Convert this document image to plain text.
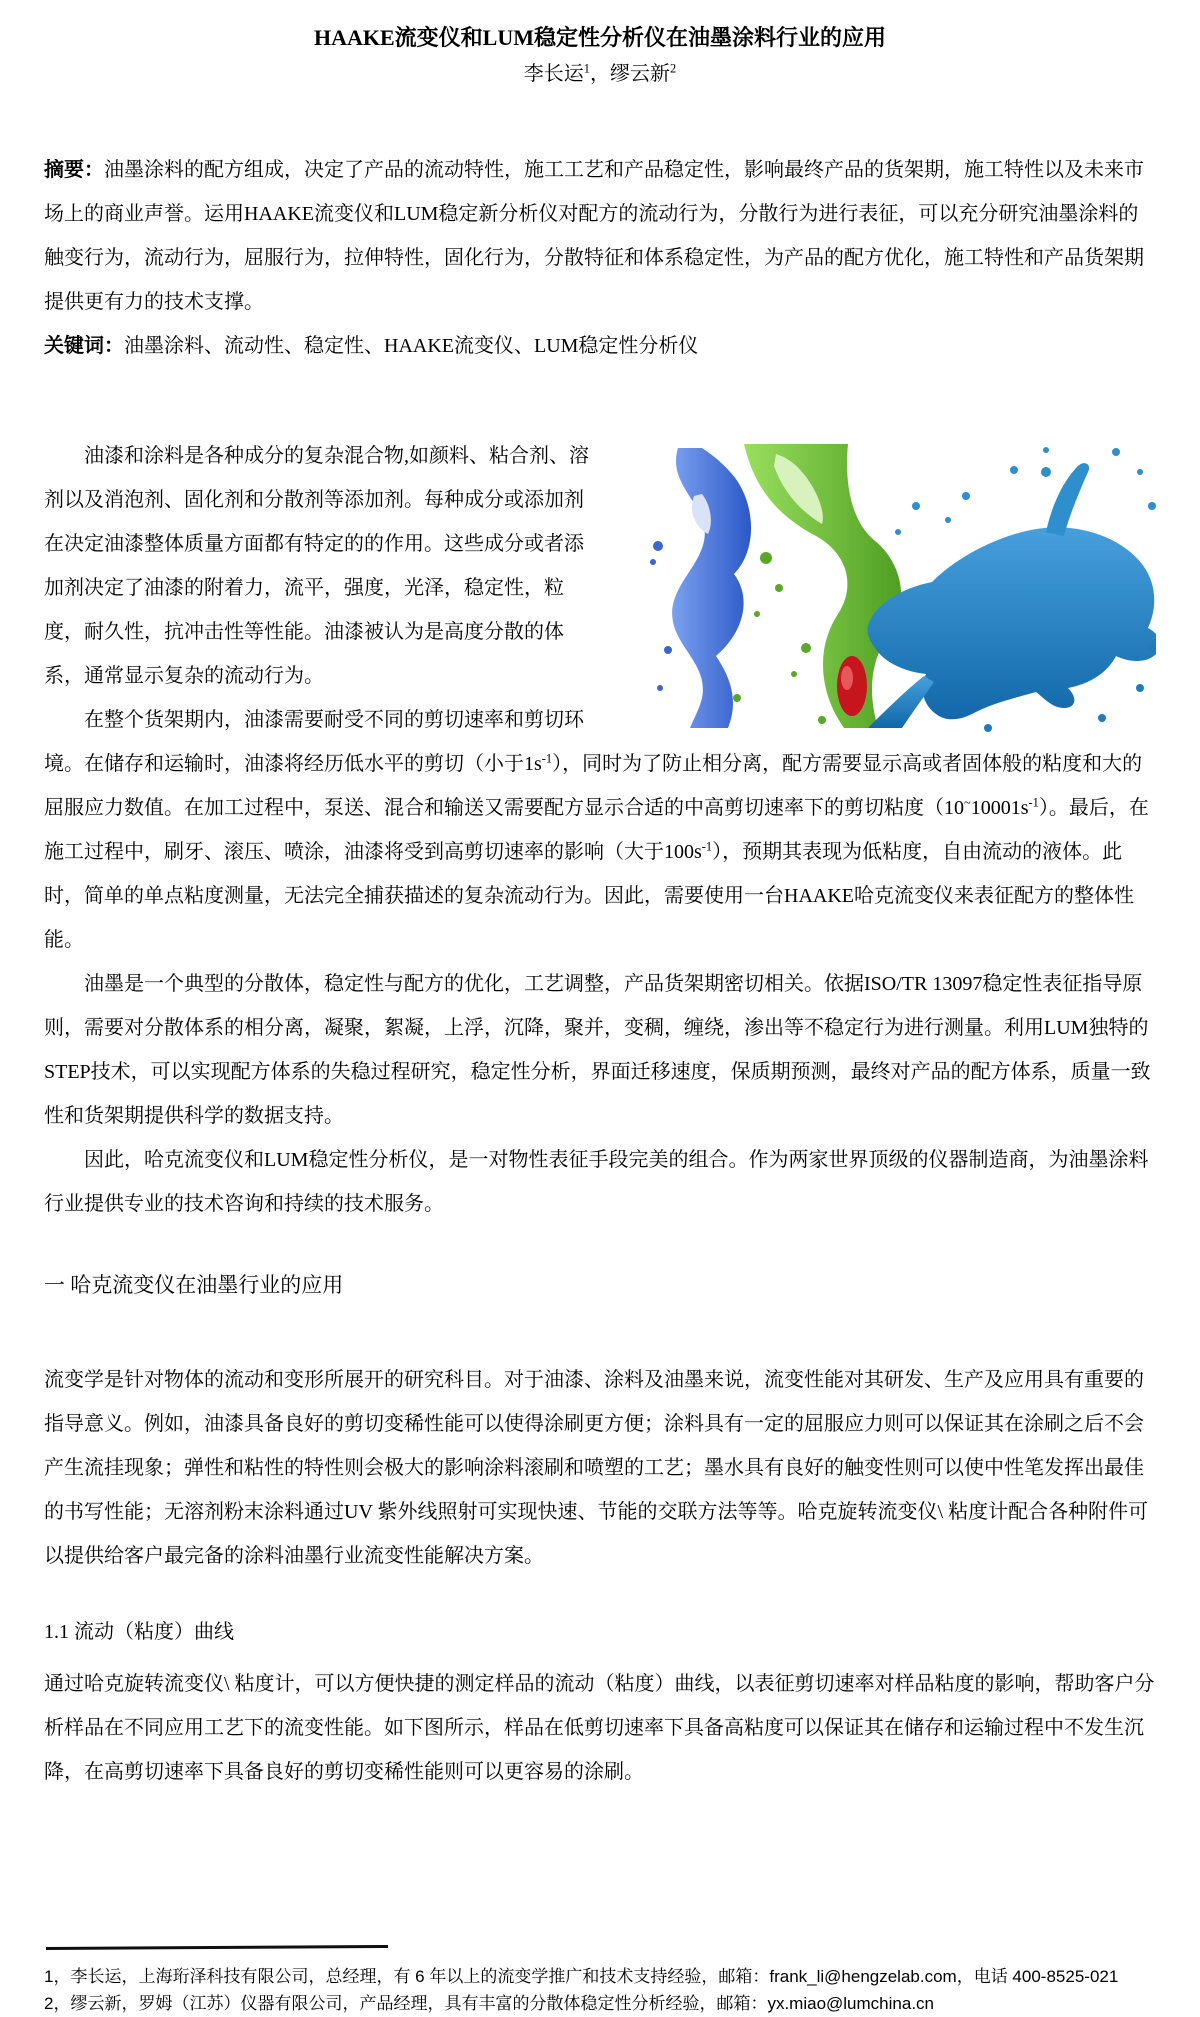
HAAKE流变仪和LUM稳定性分析仪在油墨涂料行业的应用
李长运$^1$，缪云新$^2$

摘要：油墨涂料的配方组成，决定了产品的流动特性，施工工艺和产品稳定性，影响最终产品的货架期，施工特性以及未来市场上的商业声誉。运用HAAKE流变仪和LUM稳定新分析仪对配方的流动行为，分散行为进行表征，可以充分研究油墨涂料的触变行为，流动行为，屈服行为，拉伸特性，固化行为，分散特征和体系稳定性，为产品的配方优化，施工特性和产品货架期提供更有力的技术支撑。

关键词：油墨涂料、流动性、稳定性、HAAKE流变仪、LUM稳定性分析仪

油漆和涂料是各种成分的复杂混合物,如颜料、粘合剂、溶剂以及消泡剂、固化剂和分散剂等添加剂。每种成分或添加剂在决定油漆整体质量方面都有特定的的作用。这些成分或者添加剂决定了油漆的附着力，流平，强度，光泽，稳定性，粒度，耐久性，抗冲击性等性能。油漆被认为是高度分散的体系，通常显示复杂的流动行为。

在整个货架期内，油漆需要耐受不同的剪切速率和剪切环境。在储存和运输时，油漆将经历低水平的剪切（小于$1s^{-1}$），同时为了防止相分离，配方需要显示高或者固体般的粘度和大的屈服应力数值。在加工过程中，泵送、混合和输送又需要配方显示合适的中高剪切速率下的剪切粘度$(10^\sim 10001s^{-1})$。最后，在施工过程中，刷牙、滚压、喷涂，油漆将受到高剪切速率的影响（大于$100s^{-1}$），预期其表现为低粘度，自由流动的液体。此时，简单的单点粘度测量，无法完全捕获描述的复杂流动行为。因此，需要使用一台HAAKE哈克流变仪来表征配方的整体性能。

油墨是一个典型的分散体，稳定性与配方的优化，工艺调整，产品货架期密切相关。依据ISO/TR 13097稳定性表征指导原则，需要对分散体系的相分离，凝聚，絮凝，上浮，沉降，聚并，变稠，缠绕，渗出等不稳定行为进行测量。利用LUM独特的STEP技术，可以实现配方体系的失稳过程研究，稳定性分析，界面迁移速度，保质期预测，最终对产品的配方体系，质量一致性和货架期提供科学的数据支持。

因此，哈克流变仪和LUM稳定性分析仪，是一对物性表征手段完美的组合。作为两家世界顶级的仪器制造商，为油墨涂料行业提供专业的技术咨询和持续的技术服务。

一 哈克流变仪在油墨行业的应用

流变学是针对物体的流动和变形所展开的研究科目。对于油漆、涂料及油墨来说，流变性能对其研发、生产及应用具有重要的指导意义。例如，油漆具备良好的剪切变稀性能可以使得涂刷更方便；涂料具有一定的屈服应力则可以保证其在涂刷之后不会产生流挂现象；弹性和粘性的特性则会极大的影响涂料滚刷和喷塑的工艺；墨水具有良好的触变性则可以使中性笔发挥出最佳的书写性能；无溶剂粉末涂料通过UV 紫外线照射可实现快速、节能的交联方法等等。哈克旋转流变仪\ 粘度计配合各种附件可以提供给客户最完备的涂料油墨行业流变性能解决方案。

1.1 流动（粘度）曲线

通过哈克旋转流变仪\ 粘度计，可以方便快捷的测定样品的流动（粘度）曲线，以表征剪切速率对样品粘度的影响，帮助客户分析样品在不同应用工艺下的流变性能。如下图所示，样品在低剪切速率下具备高粘度可以保证其在储存和运输过程中不发生沉降，在高剪切速率下具备良好的剪切变稀性能则可以更容易的涂刷。

1，李长运，上海珩泽科技有限公司，总经理，有 6 年以上的流变学推广和技术支持经验，邮箱：frank_li@hengzelab.com，电话 400-8525-021

2，缪云新，罗姆（江苏）仪器有限公司，产品经理，具有丰富的分散体稳定性分析经验，邮箱：yx.miao@lumchina.cn
